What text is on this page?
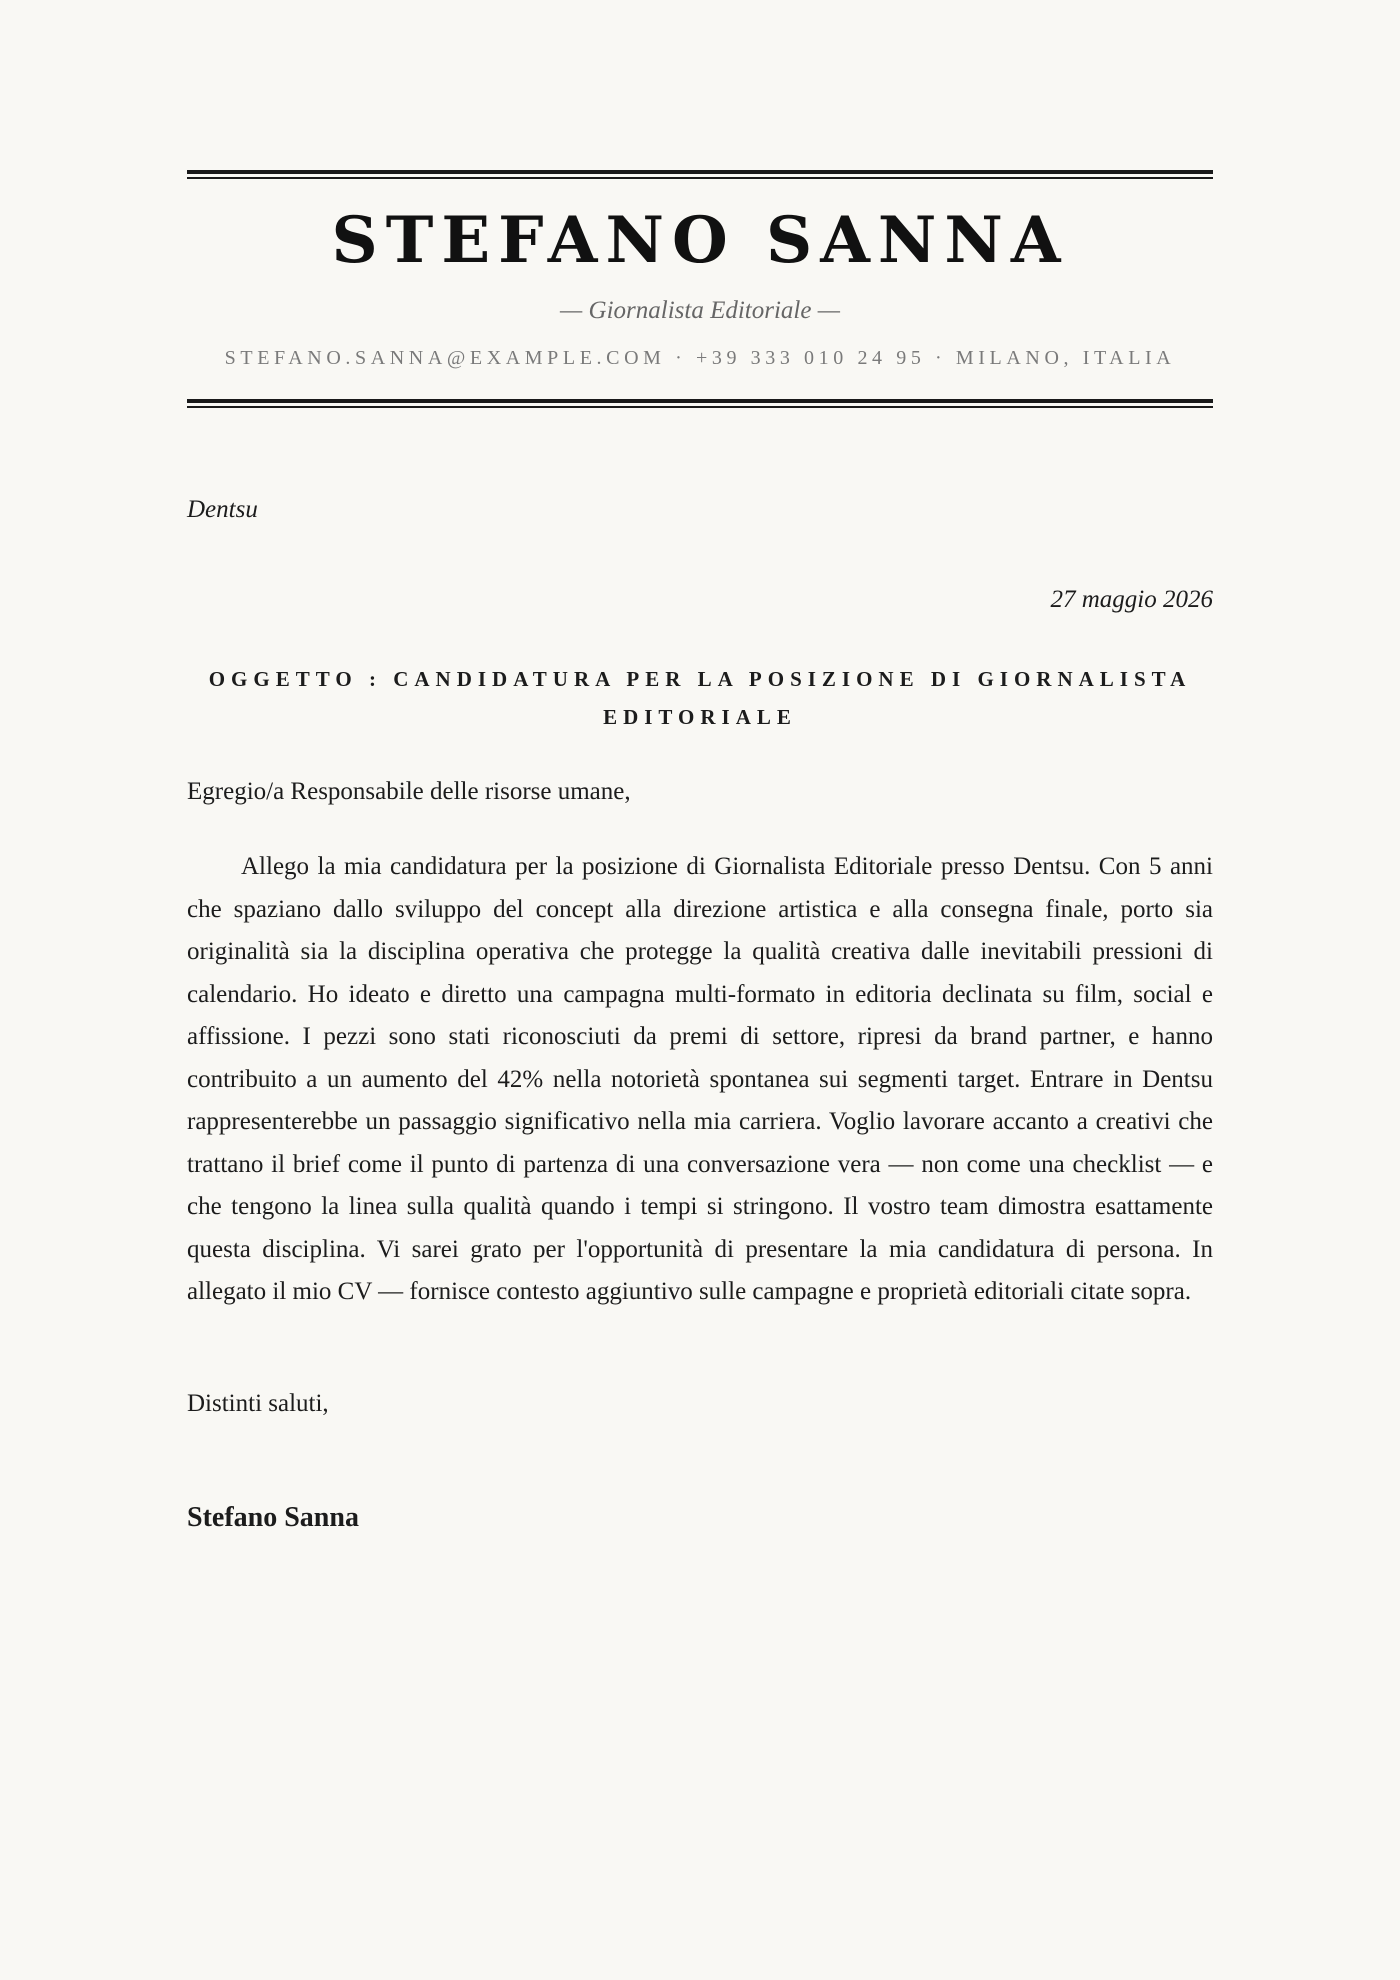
STEFANO SANNA
— Giornalista Editoriale —
STEFANO.SANNA@EXAMPLE.COM · +39 333 010 24 95 · MILANO, ITALIA
Dentsu
27 maggio 2026
OGGETTO : CANDIDATURA PER LA POSIZIONE DI GIORNALISTA EDITORIALE
Egregio/a Responsabile delle risorse umane,
Allego la mia candidatura per la posizione di Giornalista Editoriale presso Dentsu. Con 5 anni che spaziano dallo sviluppo del concept alla direzione artistica e alla consegna finale, porto sia originalità sia la disciplina operativa che protegge la qualità creativa dalle inevitabili pressioni di calendario. Ho ideato e diretto una campagna multi-formato in editoria declinata su film, social e affissione. I pezzi sono stati riconosciuti da premi di settore, ripresi da brand partner, e hanno contribuito a un aumento del 42% nella notorietà spontanea sui segmenti target. Entrare in Dentsu rappresenterebbe un passaggio significativo nella mia carriera. Voglio lavorare accanto a creativi che trattano il brief come il punto di partenza di una conversazione vera — non come una checklist — e che tengono la linea sulla qualità quando i tempi si stringono. Il vostro team dimostra esattamente questa disciplina. Vi sarei grato per l'opportunità di presentare la mia candidatura di persona. In allegato il mio CV — fornisce contesto aggiuntivo sulle campagne e proprietà editoriali citate sopra.
Distinti saluti,
Stefano Sanna
